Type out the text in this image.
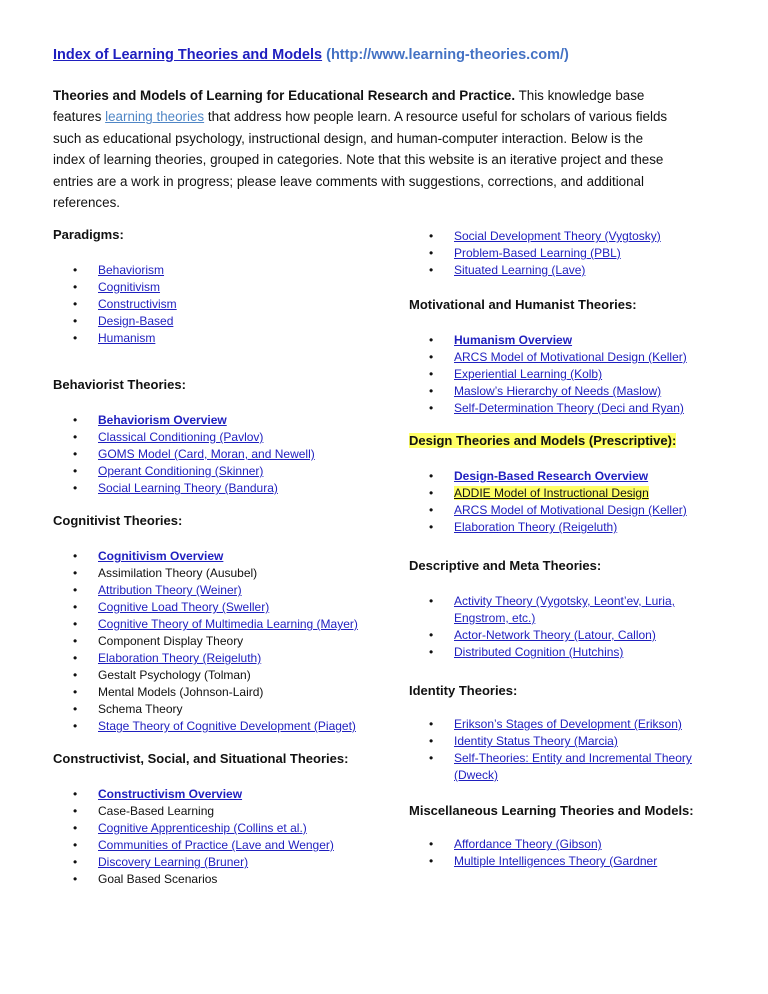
Index of Learning Theories and Models (http://www.learning-theories.com/)
Theories and Models of Learning for Educational Research and Practice. This knowledge base features learning theories that address how people learn. A resource useful for scholars of various fields such as educational psychology, instructional design, and human-computer interaction. Below is the index of learning theories, grouped in categories. Note that this website is an iterative project and these entries are a work in progress; please leave comments with suggestions, corrections, and additional references.

Paradigms:

• Behaviorism
• Cognitivism
• Constructivism
• Design-Based
• Humanism

Behaviorist Theories:

• Behaviorism Overview
• Classical Conditioning (Pavlov)
• GOMS Model (Card, Moran, and Newell)
• Operant Conditioning (Skinner)
• Social Learning Theory (Bandura)

Cognitivist Theories:

• Cognitivism Overview
• Assimilation Theory (Ausubel)
• Attribution Theory (Weiner)
• Cognitive Load Theory (Sweller)
• Cognitive Theory of Multimedia Learning (Mayer)
• Component Display Theory
• Elaboration Theory (Reigeluth)
• Gestalt Psychology (Tolman)
• Mental Models (Johnson-Laird)
• Schema Theory
• Stage Theory of Cognitive Development (Piaget)

Constructivist, Social, and Situational Theories:

• Constructivism Overview
• Case-Based Learning
• Cognitive Apprenticeship (Collins et al.)
• Communities of Practice (Lave and Wenger)
• Discovery Learning (Bruner)
• Goal Based Scenarios
• Social Development Theory (Vygtosky)
• Problem-Based Learning (PBL)
• Situated Learning (Lave)

Motivational and Humanist Theories:

• Humanism Overview
• ARCS Model of Motivational Design (Keller)
• Experiential Learning (Kolb)
• Maslow’s Hierarchy of Needs (Maslow)
• Self-Determination Theory (Deci and Ryan)

Design Theories and Models (Prescriptive):

• Design-Based Research Overview
• ADDIE Model of Instructional Design
• ARCS Model of Motivational Design (Keller)
• Elaboration Theory (Reigeluth)

Descriptive and Meta Theories:

• Activity Theory (Vygotsky, Leont’ev, Luria, Engstrom, etc.)
• Actor-Network Theory (Latour, Callon)
• Distributed Cognition (Hutchins)

Identity Theories:

• Erikson’s Stages of Development (Erikson)
• Identity Status Theory (Marcia)
• Self-Theories: Entity and Incremental Theory (Dweck)

Miscellaneous Learning Theories and Models:

• Affordance Theory (Gibson)
• Multiple Intelligences Theory (Gardner
